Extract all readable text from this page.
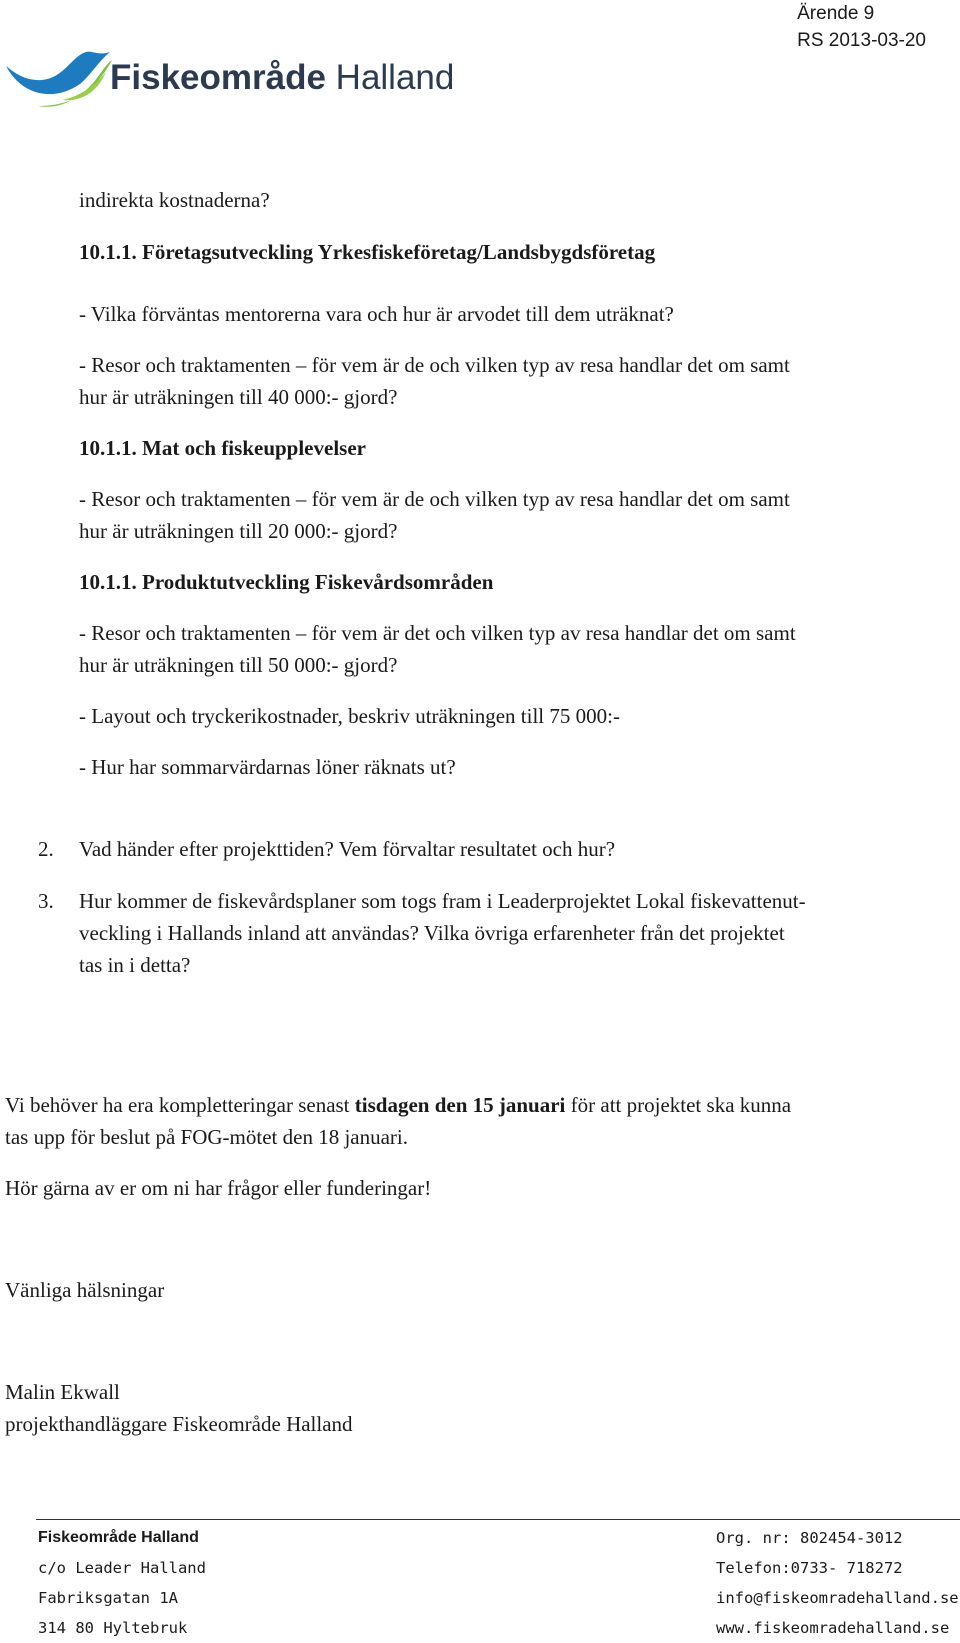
Ärende 9
RS 2013-03-20
Fiskeområde Halland
indirekta kostnaderna?
10.1.1. Företagsutveckling Yrkesfiskeföretag/Landsbygdsföretag
- Vilka förväntas mentorerna vara och hur är arvodet till dem uträknat?
- Resor och traktamenten – för vem är de och vilken typ av resa handlar det om samt
hur är uträkningen till 40 000:- gjord?
10.1.1. Mat och fiskeupplevelser
- Resor och traktamenten – för vem är de och vilken typ av resa handlar det om samt
hur är uträkningen till 20 000:- gjord?
10.1.1. Produktutveckling Fiskevårdsområden
- Resor och traktamenten – för vem är det och vilken typ av resa handlar det om samt
hur är uträkningen till 50 000:- gjord?
- Layout och tryckerikostnader, beskriv uträkningen till 75 000:-
- Hur har sommarvärdarnas löner räknats ut?
2. Vad händer efter projekttiden? Vem förvaltar resultatet och hur?
3. Hur kommer de fiskevårdsplaner som togs fram i Leaderprojektet Lokal fiskevattenut-
veckling i Hallands inland att användas? Vilka övriga erfarenheter från det projektet
tas in i detta?
Vi behöver ha era kompletteringar senast tisdagen den 15 januari för att projektet ska kunna
tas upp för beslut på FOG-mötet den 18 januari.
Hör gärna av er om ni har frågor eller funderingar!
Vänliga hälsningar
Malin Ekwall
projekthandläggare Fiskeområde Halland
Fiskeområde Halland
c/o Leader Halland
Fabriksgatan 1A
314 80 Hyltebruk
Org. nr: 802454-3012
Telefon:0733- 718272
info@fiskeomradehalland.se
www.fiskeomradehalland.se
